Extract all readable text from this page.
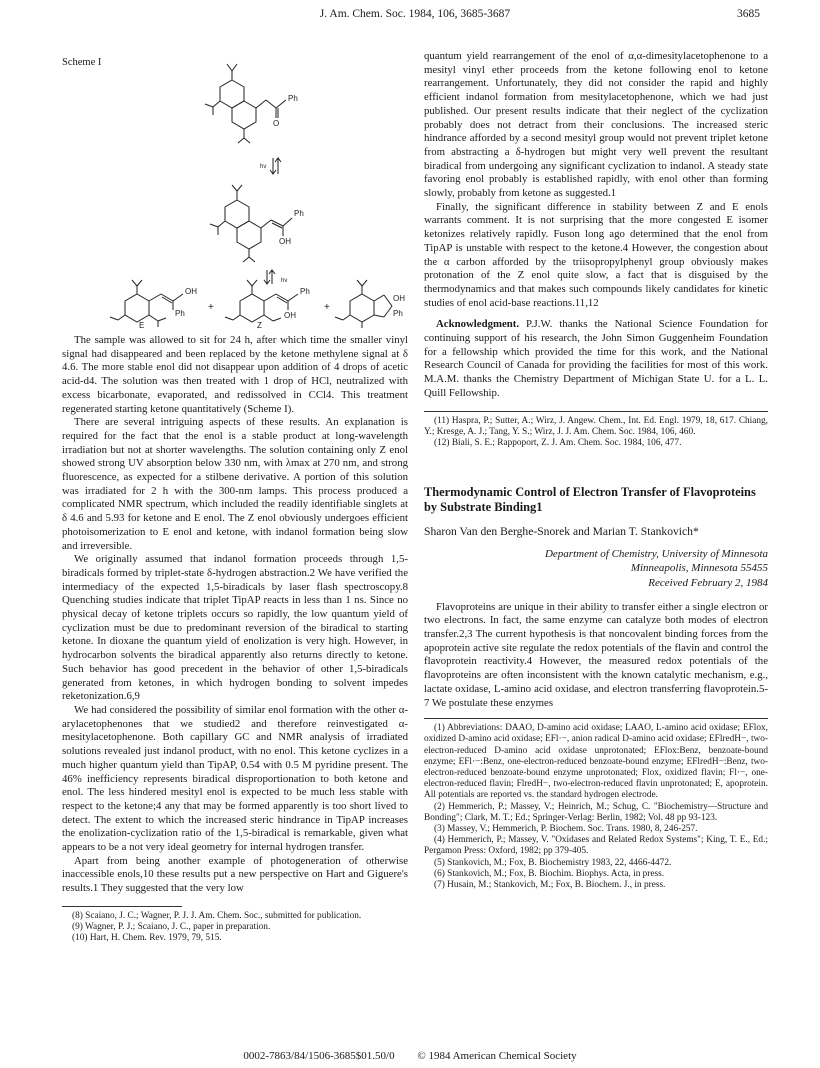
J. Am. Chem. Soc. 1984, 106, 3685-3687	3685
Scheme I
Ph
O
hν
Ph
OH
hν
OH
Ph
+
Ph
OH
+
OH
Ph
E	Z

The sample was allowed to sit for 24 h, after which time the smaller vinyl signal had disappeared and been replaced by the ketone methylene signal at δ 4.6. The more stable enol did not disappear upon addition of 4 drops of acetic acid-d4. The solution was then treated with 1 drop of HCl, neutralized with excess bicarbonate, evaporated, and redissolved in CCl4. This treatment regenerated starting ketone quantitatively (Scheme I).

There are several intriguing aspects of these results. An explanation is required for the fact that the enol is a stable product at long-wavelength irradiation but not at shorter wavelengths. The solution containing only Z enol showed strong UV absorption below 330 nm, with λmax at 270 nm, and strong fluorescence, as expected for a stilbene derivative. A portion of this solution was irradiated for 2 h with the 300-nm lamps. This process produced a complicated NMR spectrum, which included the readily identifiable singlets at δ 4.6 and 5.93 for ketone and E enol. The Z enol obviously undergoes efficient photoisomerization to E enol and ketone, with indanol formation being slow and irreversible.

We originally assumed that indanol formation proceeds through 1,5-biradicals formed by triplet-state δ-hydrogen abstraction.2 We have verified the intermediacy of the expected 1,5-biradicals by laser flash spectroscopy.8 Quenching studies indicate that triplet TipAP reacts in less than 1 ns. Since no physical decay of ketone triplets occurs so rapidly, the low quantum yield of cyclization must be due to predominant reversion of the biradical to starting ketone. In dioxane the quantum yield of enolization is very high. However, in hydrocarbon solvents the biradical apparently also returns directly to ketone. Such behavior has good precedent in the behavior of other 1,5-biradicals generated from ketones, in which hydrogen bonding to solvent impedes reketonization.6,9

We had considered the possibility of similar enol formation with the other α-arylacetophenones that we studied2 and therefore reinvestigated α-mesitylacetophenone. Both capillary GC and NMR analysis of irradiated solutions revealed just indanol product, with no enol. This ketone cyclizes in a much higher quantum yield than TipAP, 0.54 with 0.5 M pyridine present. The 46% inefficiency represents biradical disproportionation to both ketone and enol. The less hindered mesityl enol is expected to be much less stable with respect to the ketone;4 any that may be formed apparently is too short lived to detect. The extent to which the increased steric hindrance in TipAP increases the enolization-cyclization ratio of the 1,5-biradical is remarkable, given what appears to be a not very ideal geometry for internal hydrogen transfer.

Apart from being another example of photogeneration of otherwise inaccessible enols,10 these results put a new perspective on Hart and Giguere's results.1 They suggested that the very low

(8) Scaiano, J. C.; Wagner, P. J. J. Am. Chem. Soc., submitted for publication.
(9) Wagner, P. J.; Scaiano, J. C., paper in preparation.
(10) Hart, H. Chem. Rev. 1979, 79, 515.

quantum yield rearrangement of the enol of α,α-dimesitylacetophenone to a mesityl vinyl ether proceeds from the ketone following enol to ketone rearrangement. Unfortunately, they did not consider the rapid and highly efficient indanol formation from mesitylacetophenone, which we had just published. Our present results indicate that their neglect of the cyclization probably does not detract from their conclusions. The increased steric hindrance afforded by a second mesityl group would not prevent triplet ketone from abstracting a δ-hydrogen but might very well prevent the resultant biradical from undergoing any significant cyclization to indanol. A steady state favoring enol probably is established rapidly, with enol other than forming slowly, probably from ketone as suggested.1

Finally, the significant difference in stability between Z and E enols warrants comment. It is not surprising that the more congested E isomer ketonizes relatively rapidly. Fuson long ago determined that the enol from TipAP is unstable with respect to the ketone.4 However, the congestion about the α carbon afforded by the triisopropylphenyl group obviously makes protonation of the Z enol quite slow, a fact that is disguised by the thermodynamics and that makes such compounds likely candidates for kinetic studies of enol acid-base reactions.11,12

Acknowledgment. P.J.W. thanks the National Science Foundation for continuing support of his research, the John Simon Guggenheim Foundation for a fellowship which provided the time for this work, and the National Research Council of Canada for providing the facilities for most of this work. M.A.M. thanks the Chemistry Department of Michigan State U. for a L. L. Quill Fellowship.

(11) Haspra, P.; Sutter, A.; Wirz, J. Angew. Chem., Int. Ed. Engl. 1979, 18, 617. Chiang, Y.; Kresge, A. J.; Tang, Y. S.; Wirz, J. J. Am. Chem. Soc. 1984, 106, 460.
(12) Biali, S. E.; Rappoport, Z. J. Am. Chem. Soc. 1984, 106, 477.
Thermodynamic Control of Electron Transfer of Flavoproteins by Substrate Binding1
Sharon Van den Berghe-Snorek and Marian T. Stankovich*
Department of Chemistry, University of Minnesota
Minneapolis, Minnesota 55455
Received February 2, 1984

Flavoproteins are unique in their ability to transfer either a single electron or two electrons. In fact, the same enzyme can catalyze both modes of electron transfer.2,3 The current hypothesis is that noncovalent binding forces from the apoprotein active site regulate the redox potentials of the flavin and control the flavoprotein reactivity.4 However, the measured redox potentials of the flavoproteins are often inconsistent with the known catalytic mechanism, e.g., lactate oxidase, L-amino acid oxidase, and electron transferring flavoprotein.5-7 We postulate these enzymes

(1) Abbreviations: DAAO, D-amino acid oxidase; LAAO, L-amino acid oxidase; EFlox, oxidized D-amino acid oxidase; EFl·−, anion radical D-amino acid oxidase; EFlredH−, two-electron-reduced D-amino acid oxidase unprotonated; EFlox:Benz, benzoate-bound enzyme; EFl·−:Benz, one-electron-reduced benzoate-bound enzyme; EFlredH−:Benz, two-electron-reduced benzoate-bound enzyme unprotonated; Flox, oxidized flavin; Fl·−, one-electron-reduced flavin; FlredH−, two-electron-reduced flavin unprotonated; E, apoprotein. All potentials are reported vs. the standard hydrogen electrode.
(2) Hemmerich, P.; Massey, V.; Heinrich, M.; Schug, C. "Biochemistry—Structure and Bonding"; Clark, M. T.; Ed.; Springer-Verlag: Berlin, 1982; Vol. 48 pp 93-123.
(3) Massey, V.; Hemmerich, P. Biochem. Soc. Trans. 1980, 8, 246-257.
(4) Hemmerich, P.; Massey, V. "Oxidases and Related Redox Systems"; King, T. E., Ed.; Pergamon Press: Oxford, 1982; pp 379-405.
(5) Stankovich, M.; Fox, B. Biochemistry 1983, 22, 4466-4472.
(6) Stankovich, M.; Fox, B. Biochim. Biophys. Acta, in press.
(7) Husain, M.; Stankovich, M.; Fox, B. Biochem. J., in press.
0002-7863/84/1506-3685$01.50/0 © 1984 American Chemical Society
